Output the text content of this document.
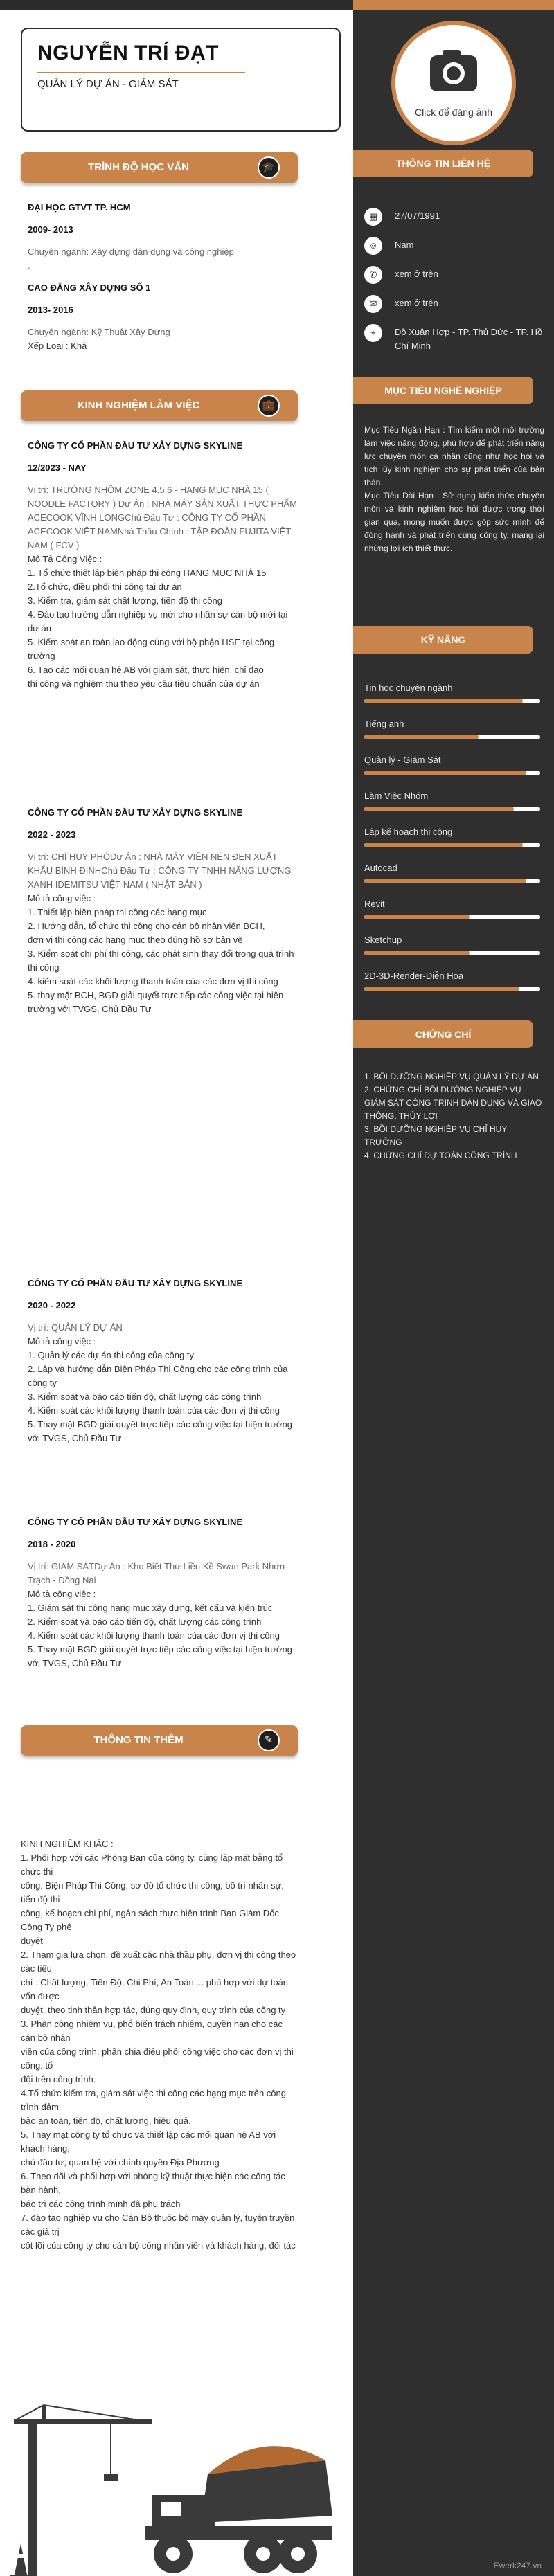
NGUYỄN TRÍ ĐẠT
QUẢN LÝ DỰ ÁN - GIÁM SÁT
TRÌNH ĐỘ HỌC VẤN	🎓

ĐẠI HỌC GTVT TP. HCM

2009- 2013

Chuyên ngành: Xây dựng dân dụng và công nghiệp

.

CAO ĐẲNG XÂY DỰNG SỐ 1

2013- 2016

Chuyên ngành: Kỹ Thuật Xây Dựng

Xếp Loại : Khá

KINH NGHIỆM LÀM VIỆC	💼

CÔNG TY CỔ PHẦN ĐẦU TƯ XÂY DỰNG SKYLINE

12/2023 - NAY

Vị trí: TRƯỞNG NHÔM ZONE 4.5.6 - HẠNG MỤC NHÀ 15 ( NOODLE FACTORY ) Dự Án : NHÀ MÁY SẢN XUẤT THỰC PHẨM ACECOOK VĨNH LONGChủ Đầu Tư : CÔNG TY CỔ PHẦN ACECOOK VIỆT NAMNhà Thầu Chính : TẬP ĐOÀN FUJITA VIỆT NAM ( FCV )

Mô Tả Công Việc :

1. Tổ chức thiết lập biện pháp thi công HẠNG MỤC NHÀ 15

2.Tổ chức, điều phối thi công tại dự án

3. Kiểm tra, giám sát chất lượng, tiến độ thi công

4. Đào tạo hướng dẫn nghiệp vụ mới cho nhân sự cán bộ mới tại dự án

5. Kiểm soát an toàn lao động cùng với bộ phận HSE tại công trường

6. Tạo các mối quan hệ AB với giám sát, thực hiện, chỉ đạo

thi công và nghiệm thu theo yêu cầu tiêu chuẩn của dự án

CÔNG TY CỔ PHẦN ĐẦU TƯ XÂY DỰNG SKYLINE

2022 - 2023

Vị trí: CHỈ HUY PHÓDự Án : NHÀ MÁY VIÊN NÉN ĐEN XUẤT KHẨU BÌNH ĐỊNHChủ Đầu Tư : CÔNG TY TNHH NĂNG LƯỢNG XANH IDEMITSU VIỆT NAM ( NHẬT BẢN )

Mô tả công việc :

1. Thiết lập biện pháp thi công các hạng mục

2. Hướng dẫn, tổ chức thi công cho cán bộ nhân viên BCH,

đơn vị thi công các hạng mục theo đúng hồ sơ bản vẽ

3. Kiểm soát chi phí thi công, các phát sinh thay đổi trong quá trình thi công

4. kiểm soát các khối lượng thanh toán của các đơn vị thi công

5. thay mặt BCH, BGD giải quyết trực tiếp các công việc tại hiện trường với TVGS, Chủ Đầu Tư

CÔNG TY CỔ PHẦN ĐẦU TƯ XÂY DỰNG SKYLINE

2020 - 2022

Vị trí: QUẢN LÝ DỰ ÁN

Mô tả công việc :

1. Quản lý các dự án thi công của công ty

2. Lập và hướng dẫn Biện Pháp Thi Công cho các công trình của công ty

3. Kiểm soát và báo cáo tiến độ, chất lượng các công trình

4. Kiểm soát các khối lượng thanh toán của các đơn vị thi công

5. Thay mặt BGD giải quyết trực tiếp các công việc tại hiện trường với TVGS, Chủ Đầu Tư

CÔNG TY CỔ PHẦN ĐẦU TƯ XÂY DỰNG SKYLINE

2018 - 2020

Vị trí: GIÁM SÁTDự Án : Khu Biệt Thự Liền Kề Swan Park Nhơn Trạch - Đồng Nai

Mô tả công việc :

1. Giám sát thi công hạng mục xây dựng, kết cấu và kiến trúc

2. Kiểm soát và báo cáo tiến độ, chất lượng các công trình

4. Kiểm soát các khối lượng thanh toán của các đơn vị thi công

5. Thay mặt BGD giải quyết trực tiếp các công việc tại hiện trường với TVGS, Chủ Đầu Tư

THÔNG TIN THÊM	✎

KINH NGHIỆM KHÁC :

1. Phối hợp với các Phòng Ban của công ty, cùng lập mặt bằng tổ chức thi

công, Biện Pháp Thi Công, sơ đồ tổ chức thi công, bố trí nhân sự, tiến độ thi

công, kế hoạch chi phí, ngân sách thực hiện trình Ban Giám Đốc Công Ty phê

duyệt

2. Tham gia lựa chọn, đề xuất các nhà thầu phụ, đơn vị thi công theo các tiêu

chí : Chất lượng, Tiến Độ, Chi Phí, An Toàn ... phù hợp với dự toán vốn được

duyệt, theo tinh thần hợp tác, đúng quy định, quy trình của công ty

3. Phân công nhiệm vụ, phổ biến trách nhiệm, quyền hạn cho các cán bộ nhân

viên của công trình. phân chia điều phối công việc cho các đơn vị thi công, tổ

đội trên công trình.

4.Tổ chức kiểm tra, giám sát việc thi công các hạng mục trên công trình đảm

bảo an toàn, tiến độ, chất lượng, hiệu quả.

5. Thay mặt công ty tổ chức và thiết lập các mối quan hệ AB với khách hàng,

chủ đầu tư, quan hệ với chính quyền Địa Phương

6. Theo dõi và phối hợp với phòng kỹ thuật thực hiện các công tác bàn hành,

báo trì các công trình mình đã phụ trách

7. đào tạo nghiệp vụ cho Cán Bộ thuộc bộ máy quản lý, tuyên truyền các giá trị

cốt lõi của công ty cho cán bộ công nhân viên và khách hàng, đối tác

Click để đăng ảnh
THÔNG TIN LIÊN HỆ
▦	27/07/1991
☺	Nam
✆	xem ở trên
✉	xem ở trên
⌖	Đồ Xuân Hợp - TP. Thủ Đức - TP. Hồ Chí Minh
MỤC TIÊU NGHỀ NGHIỆP

Mục Tiêu Ngắn Hạn : Tìm kiếm một môi trường làm việc năng động, phù hợp để phát triển năng lực chuyên môn cá nhân cũng như học hỏi và tích lũy kinh nghiệm cho sự phát triển của bản thân.

Mục Tiêu Dài Hạn : Sử dụng kiến thức chuyên môn và kinh nghiệm học hỏi được trong thời gian qua, mong muốn được góp sức mình để đóng hành và phát triển cùng công ty, mang lại những lợi ích thiết thực.

KỸ NĂNG
Tin học chuyên ngành
Tiếng anh
Quản lý - Giám Sát
Làm Việc Nhóm
Lập kế hoạch thi công
Autocad
Revit
Sketchup
2D-3D-Render-Diễn Họa
CHỨNG CHỈ

1. BỒI DƯỠNG NGHIỆP VỤ QUẢN LÝ DỰ ÁN

2. CHỨNG CHỈ BỒI DƯỠNG NGHIỆP VỤ GIÁM SÁT CÔNG TRÌNH DÂN DỤNG VÀ GIAO THÔNG, THỦY LỢI

3. BỒI DƯỠNG NGHIỆP VỤ CHỈ HUY TRƯỞNG

4. CHỨNG CHỈ DỰ TOÁN CÔNG TRÌNH

Ewerk247.vn
